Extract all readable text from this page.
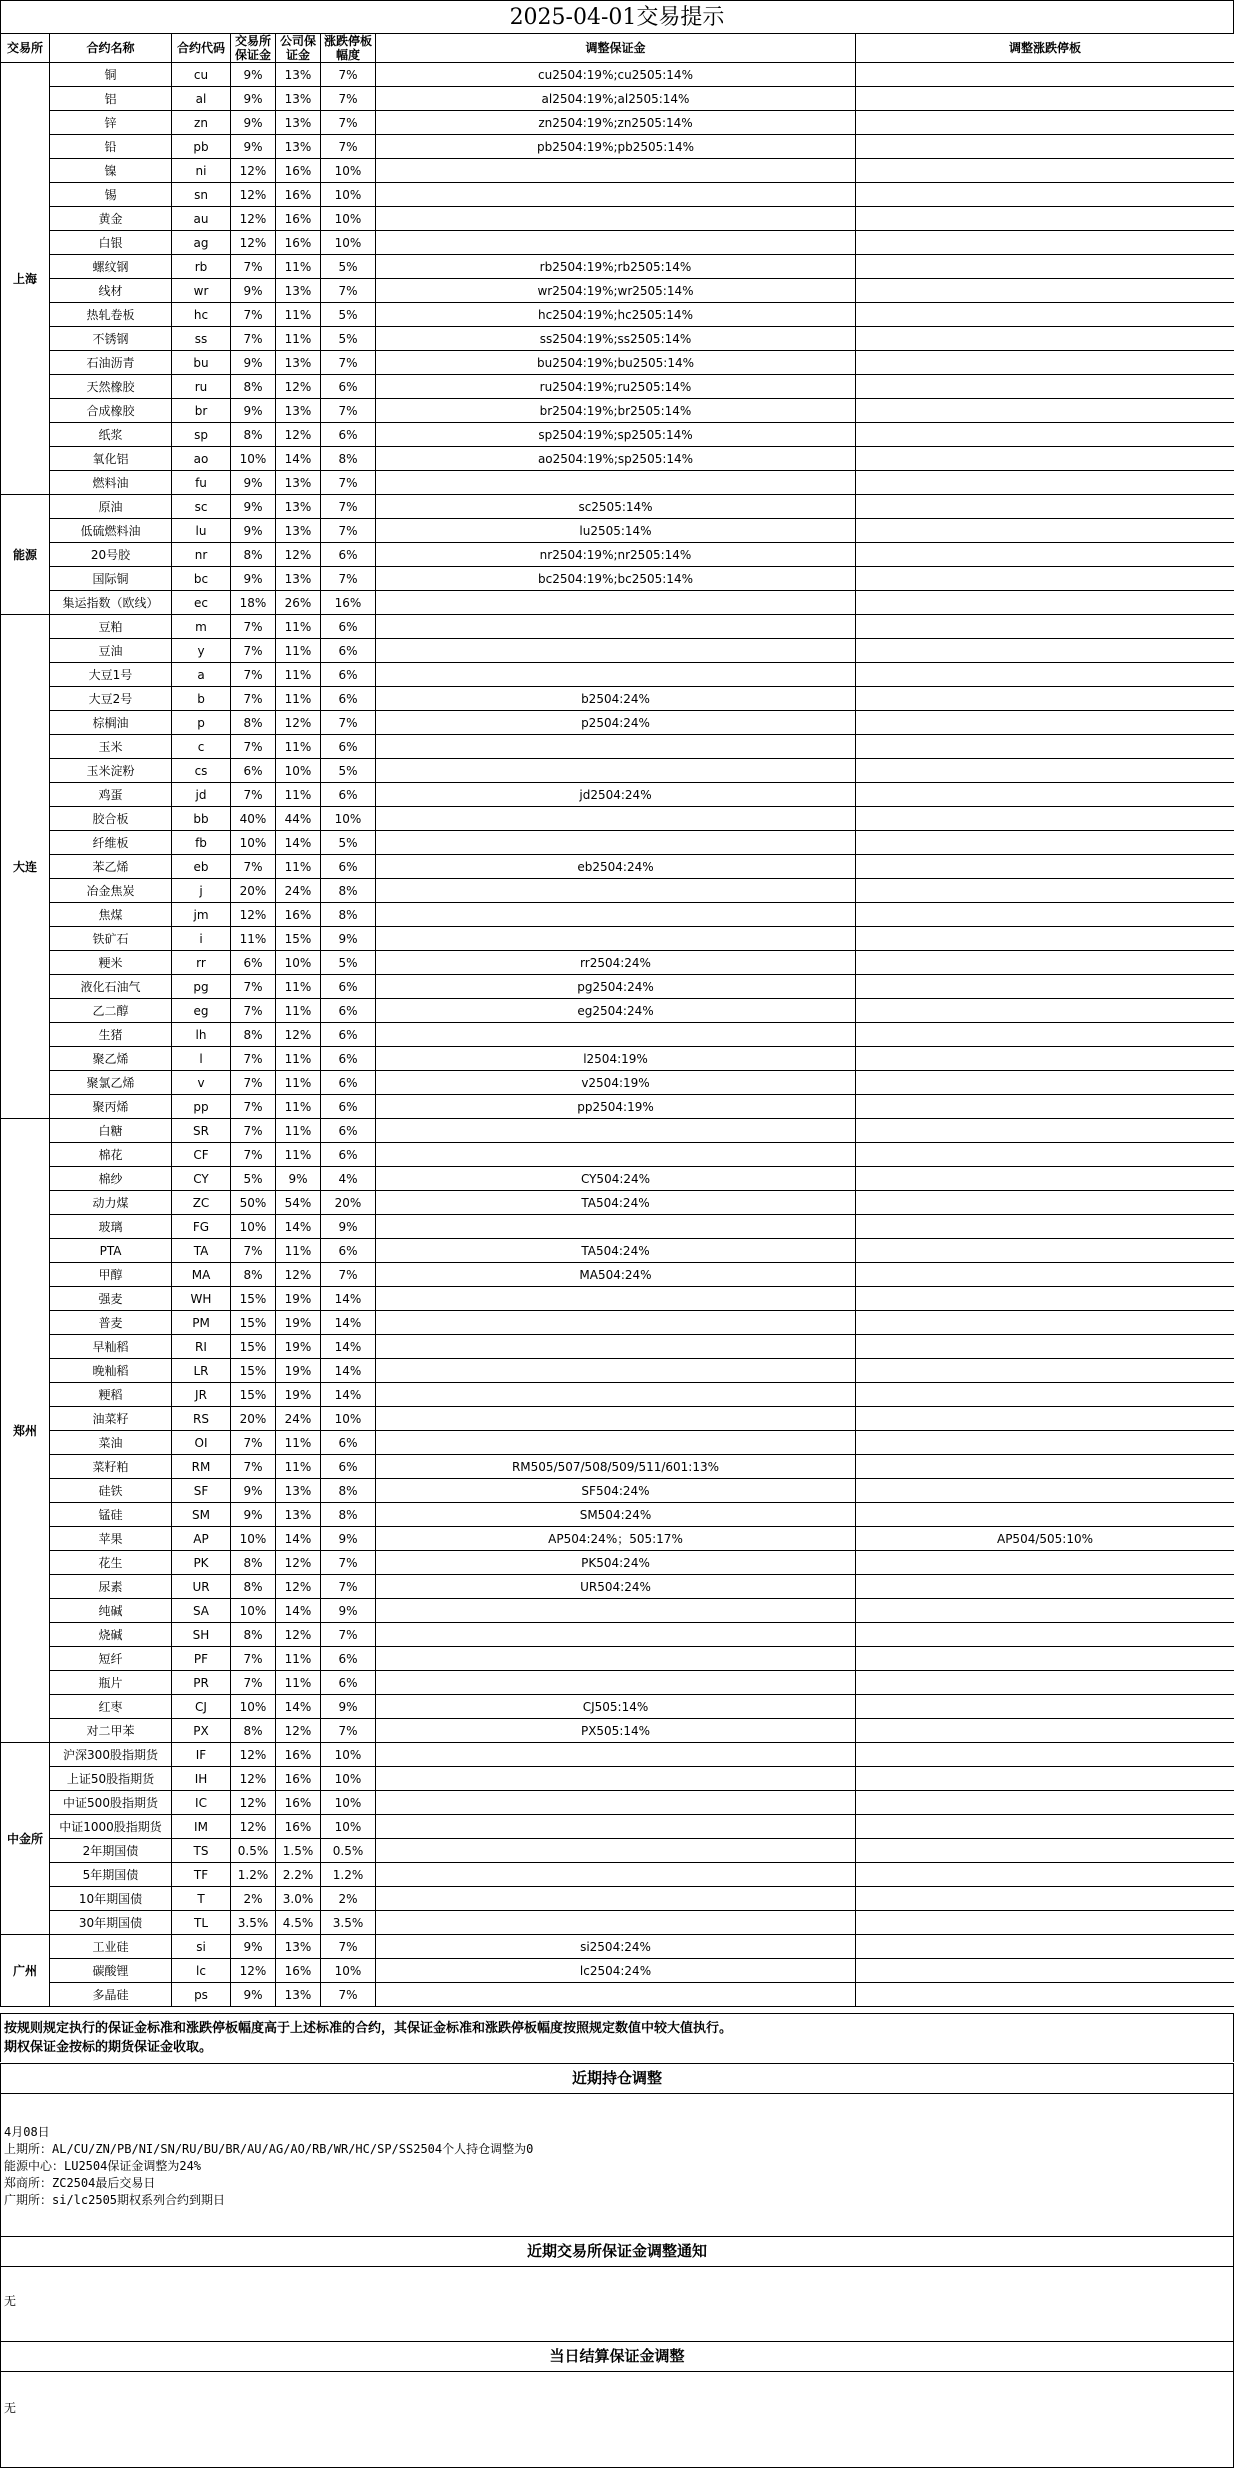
2025-04-01交易提示
交易所	合约名称	合约代码	交易所保证金	公司保证金	涨跌停板幅度	调整保证金	调整涨跌停板
上海	铜	cu	9%	13%	7%	cu2504:19%;cu2505:14%	
	铝	al	9%	13%	7%	al2504:19%;al2505:14%	
	锌	zn	9%	13%	7%	zn2504:19%;zn2505:14%	
	铅	pb	9%	13%	7%	pb2504:19%;pb2505:14%	
	镍	ni	12%	16%	10%		
	锡	sn	12%	16%	10%		
	黄金	au	12%	16%	10%		
	白银	ag	12%	16%	10%		
	螺纹钢	rb	7%	11%	5%	rb2504:19%;rb2505:14%	
	线材	wr	9%	13%	7%	wr2504:19%;wr2505:14%	
	热轧卷板	hc	7%	11%	5%	hc2504:19%;hc2505:14%	
	不锈钢	ss	7%	11%	5%	ss2504:19%;ss2505:14%	
	石油沥青	bu	9%	13%	7%	bu2504:19%;bu2505:14%	
	天然橡胶	ru	8%	12%	6%	ru2504:19%;ru2505:14%	
	合成橡胶	br	9%	13%	7%	br2504:19%;br2505:14%	
	纸浆	sp	8%	12%	6%	sp2504:19%;sp2505:14%	
	氧化铝	ao	10%	14%	8%	ao2504:19%;sp2505:14%	
	燃料油	fu	9%	13%	7%		
能源	原油	sc	9%	13%	7%	sc2505:14%	
	低硫燃料油	lu	9%	13%	7%	lu2505:14%	
	20号胶	nr	8%	12%	6%	nr2504:19%;nr2505:14%	
	国际铜	bc	9%	13%	7%	bc2504:19%;bc2505:14%	
	集运指数（欧线）	ec	18%	26%	16%		
大连	豆粕	m	7%	11%	6%		
	豆油	y	7%	11%	6%		
	大豆1号	a	7%	11%	6%		
	大豆2号	b	7%	11%	6%	b2504:24%	
	棕榈油	p	8%	12%	7%	p2504:24%	
	玉米	c	7%	11%	6%		
	玉米淀粉	cs	6%	10%	5%		
	鸡蛋	jd	7%	11%	6%	jd2504:24%	
	胶合板	bb	40%	44%	10%		
	纤维板	fb	10%	14%	5%		
	苯乙烯	eb	7%	11%	6%	eb2504:24%	
	冶金焦炭	j	20%	24%	8%		
	焦煤	jm	12%	16%	8%		
	铁矿石	i	11%	15%	9%		
	粳米	rr	6%	10%	5%	rr2504:24%	
	液化石油气	pg	7%	11%	6%	pg2504:24%	
	乙二醇	eg	7%	11%	6%	eg2504:24%	
	生猪	lh	8%	12%	6%		
	聚乙烯	l	7%	11%	6%	l2504:19%	
	聚氯乙烯	v	7%	11%	6%	v2504:19%	
	聚丙烯	pp	7%	11%	6%	pp2504:19%	
郑州	白糖	SR	7%	11%	6%		
	棉花	CF	7%	11%	6%		
	棉纱	CY	5%	9%	4%	CY504:24%	
	动力煤	ZC	50%	54%	20%	TA504:24%	
	玻璃	FG	10%	14%	9%		
	PTA	TA	7%	11%	6%	TA504:24%	
	甲醇	MA	8%	12%	7%	MA504:24%	
	强麦	WH	15%	19%	14%		
	普麦	PM	15%	19%	14%		
	早籼稻	RI	15%	19%	14%		
	晚籼稻	LR	15%	19%	14%		
	粳稻	JR	15%	19%	14%		
	油菜籽	RS	20%	24%	10%		
	菜油	OI	7%	11%	6%		
	菜籽粕	RM	7%	11%	6%	RM505/507/508/509/511/601:13%	
	硅铁	SF	9%	13%	8%	SF504:24%	
	锰硅	SM	9%	13%	8%	SM504:24%	
	苹果	AP	10%	14%	9%	AP504:24%；505:17%	AP504/505:10%
	花生	PK	8%	12%	7%	PK504:24%	
	尿素	UR	8%	12%	7%	UR504:24%	
	纯碱	SA	10%	14%	9%		
	烧碱	SH	8%	12%	7%		
	短纤	PF	7%	11%	6%		
	瓶片	PR	7%	11%	6%		
	红枣	CJ	10%	14%	9%	CJ505:14%	
	对二甲苯	PX	8%	12%	7%	PX505:14%	
中金所	沪深300股指期货	IF	12%	16%	10%		
	上证50股指期货	IH	12%	16%	10%		
	中证500股指期货	IC	12%	16%	10%		
	中证1000股指期货	IM	12%	16%	10%		
	2年期国债	TS	0.5%	1.5%	0.5%		
	5年期国债	TF	1.2%	2.2%	1.2%		
	10年期国债	T	2%	3.0%	2%		
	30年期国债	TL	3.5%	4.5%	3.5%		
广州	工业硅	si	9%	13%	7%	si2504:24%	
	碳酸锂	lc	12%	16%	10%	lc2504:24%	
	多晶硅	ps	9%	13%	7%		
按规则规定执行的保证金标准和涨跌停板幅度高于上述标准的合约，其保证金标准和涨跌停板幅度按照规定数值中较大值执行。
期权保证金按标的期货保证金收取。
近期持仓调整
4月08日
上期所：AL/CU/ZN/PB/NI/SN/RU/BU/BR/AU/AG/AO/RB/WR/HC/SP/SS2504个人持仓调整为0
能源中心：LU2504保证金调整为24%
郑商所：ZC2504最后交易日
广期所：si/lc2505期权系列合约到期日
近期交易所保证金调整通知
无
当日结算保证金调整
无
